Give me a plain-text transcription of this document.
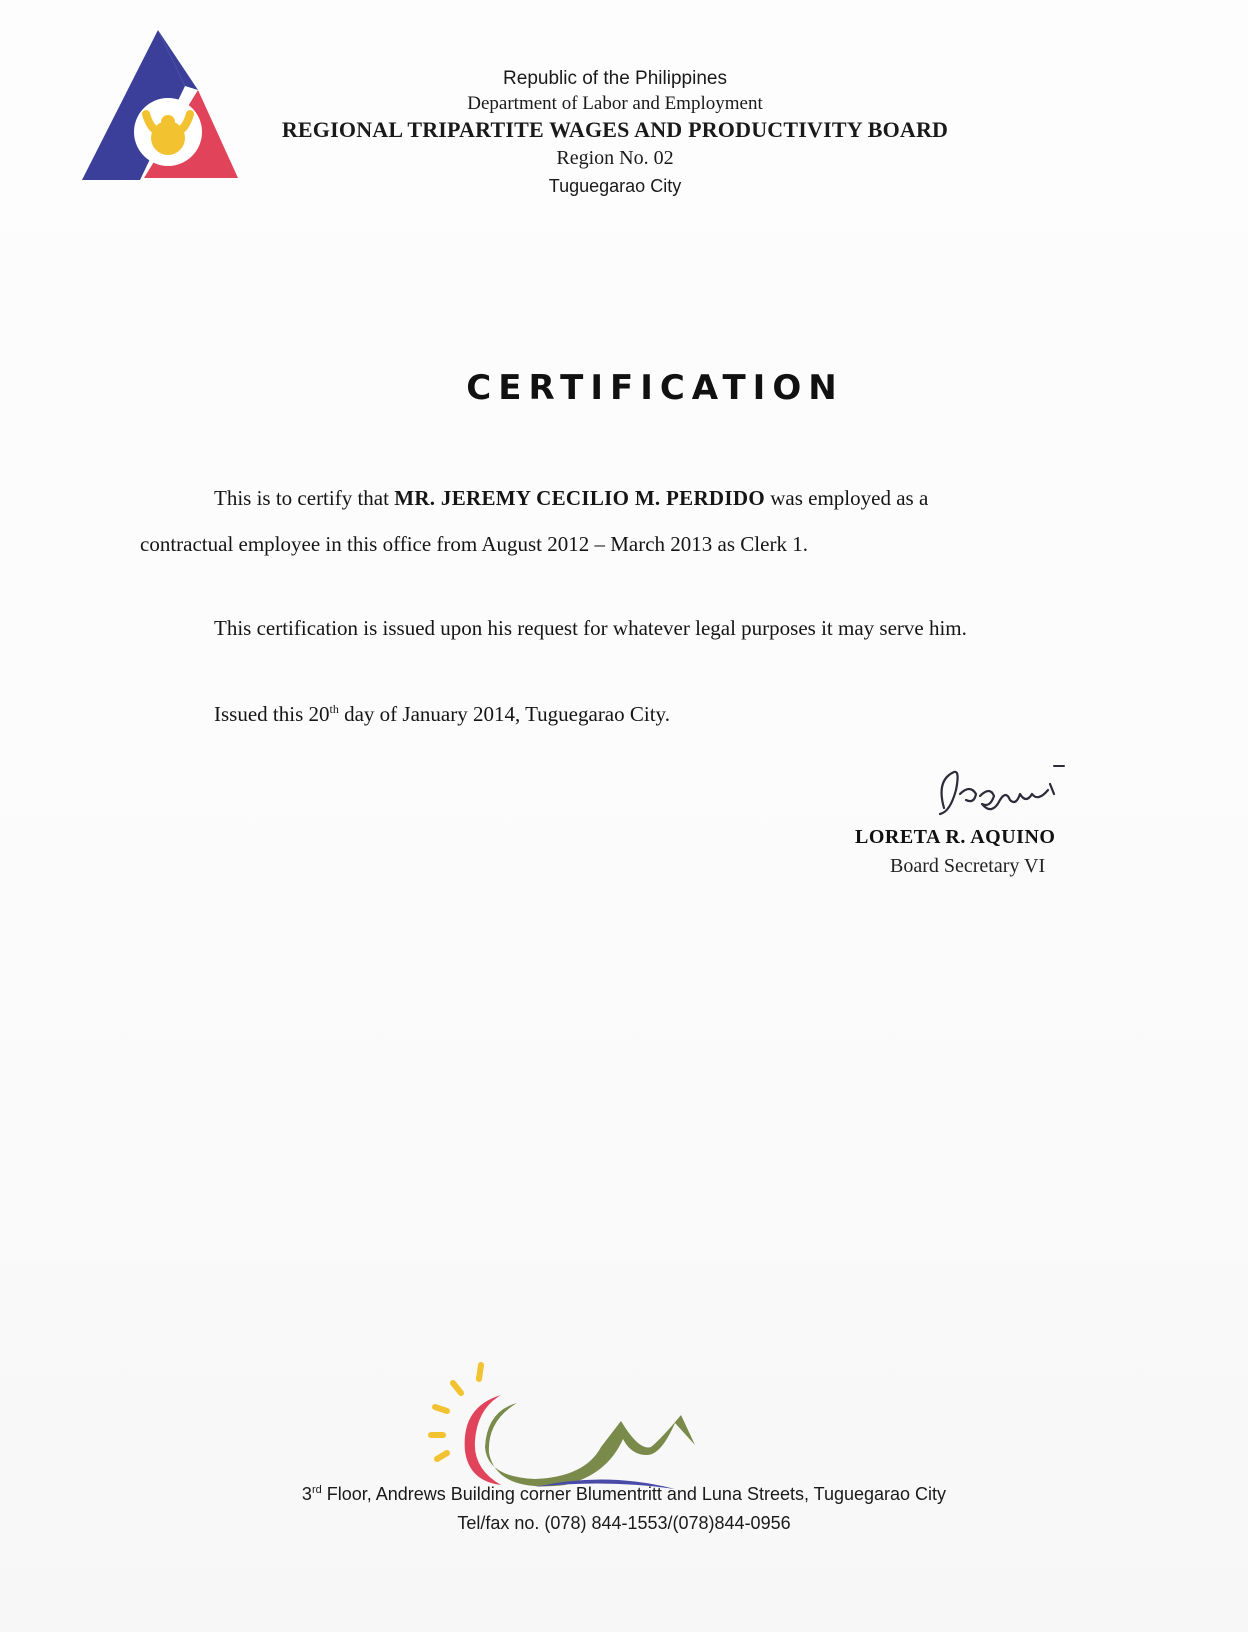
Republic of the Philippines
Department of Labor and Employment
REGIONAL TRIPARTITE WAGES AND PRODUCTIVITY BOARD
Region No. 02
Tuguegarao City
CERTIFICATION
This is to certify that MR. JEREMY CECILIO M. PERDIDO was employed as a
contractual employee in this office from August 2012 – March 2013 as Clerk 1.
This certification is issued upon his request for whatever legal purposes it may serve him.
Issued this 20th day of January 2014, Tuguegarao City.
LORETA R. AQUINO
Board Secretary VI
3rd Floor, Andrews Building corner Blumentritt and Luna Streets, Tuguegarao City
Tel/fax no. (078) 844-1553/(078)844-0956
